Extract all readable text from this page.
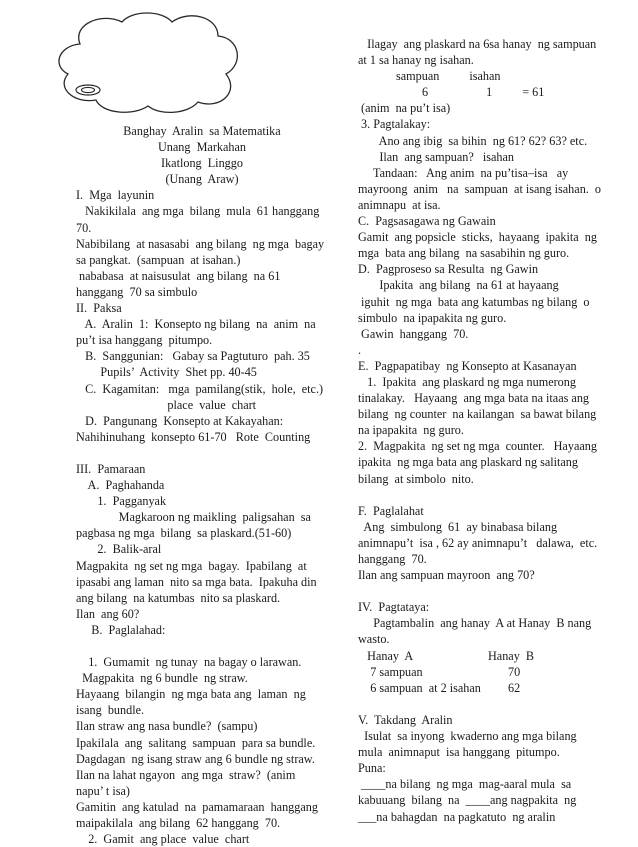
Banghay  Aralin  sa Matematika
Unang  Markahan
Ikatlong  Linggo
(Unang  Araw)
I.  Mga  layunin
Nakikilala  ang mga  bilang  mula  61 hanggang
70.
Nabibilang  at nasasabi  ang bilang  ng mga  bagay
sa pangkat.  (sampuan  at isahan.)
nababasa  at naisusulat  ang bilang  na 61
hanggang  70 sa simbulo
II.  Paksa
A.  Aralin  1:  Konsepto ng bilang  na  anim  na
pu’t isa hanggang  pitumpo.
B.  Sanggunian:   Gabay sa Pagtuturo  pah. 35
Pupils’  Activity  Shet pp. 40-45
C.  Kagamitan:   mga  pamilang(stik,  hole,  etc.)
place  value  chart
D.  Pangunang  Konsepto at Kakayahan:
Nahihinuhang  konsepto 61-70   Rote  Counting
III.  Pamaraan
A.  Paghahanda
1.  Pagganyak
Magkaroon ng maikling  paligsahan  sa
pagbasa ng mga  bilang  sa plaskard.(51-60)
2.  Balik-aral
Magpakita  ng set ng mga  bagay.  Ipabilang  at
ipasabi ang laman  nito sa mga bata.  Ipakuha din
ang bilang  na katumbas  nito sa plaskard.
Ilan  ang 60?
B.  Paglalahad:
1.  Gumamit  ng tunay  na bagay o larawan.
Magpakita  ng 6 bundle  ng straw.
Hayaang  bilangin  ng mga bata ang  laman  ng
isang  bundle.
Ilan straw ang nasa bundle?  (sampu)
Ipakilala  ang  salitang  sampuan  para sa bundle.
Dagdagan  ng isang straw ang 6 bundle ng straw.
Ilan na lahat ngayon  ang mga  straw?  (anim
napu’ t isa)
Gamitin  ang katulad  na  pamamaraan  hanggang
maipakilala  ang bilang  62 hanggang  70.
2.  Gamit  ang place  value  chart
Ilagay  ang plaskard na 6sa hanay  ng sampuan
at 1 sa hanay ng isahan.
sampuan	isahan
6	1	= 61
(anim  na pu’t isa)
3. Pagtalakay:
Ano ang ibig  sa bihin  ng 61? 62? 63? etc.
Ilan  ang sampuan?   isahan
Tandaan:   Ang anim  na pu’tisa–isa   ay
mayroong  anim   na  sampuan  at isang isahan.  o
animnapu  at isa.
C.  Pagsasagawa ng Gawain
Gamit  ang popsicle  sticks,  hayaang  ipakita  ng
mga  bata ang bilang  na sasabihin ng guro.
D.  Pagproseso sa Resulta  ng Gawin
Ipakita  ang bilang  na 61 at hayaang
iguhit  ng mga  bata ang katumbas ng bilang  o
simbulo  na ipapakita ng guro.
Gawin  hanggang  70.
.
E.  Pagpapatibay  ng Konsepto at Kasanayan
1.  Ipakita  ang plaskard ng mga numerong
tinalakay.   Hayaang  ang mga bata na itaas ang
bilang  ng counter  na kailangan  sa bawat bilang
na ipapakita  ng guro.
2.  Magpakita  ng set ng mga  counter.   Hayaang
ipakita  ng mga bata ang plaskard ng salitang
bilang  at simbolo  nito.
F.  Paglalahat
Ang  simbulong  61  ay binabasa bilang
animnapu’t  isa , 62 ay animnapu’t   dalawa,  etc.
hanggang  70.
Ilan ang sampuan mayroon  ang 70?
IV.  Pagtataya:
Pagtambalin  ang hanay  A at Hanay  B nang
wasto.
Hanay  A	Hanay  B
7 sampuan	70
6 sampuan  at 2 isahan 62
V.  Takdang  Aralin
Isulat  sa inyong  kwaderno ang mga bilang
mula  animnaput  isa hanggang  pitumpo.
Puna:
____na bilang  ng mga  mag-aaral mula  sa
kabuuang  bilang  na  ____ang nagpakita  ng
___na bahagdan  na pagkatuto  ng aralin
